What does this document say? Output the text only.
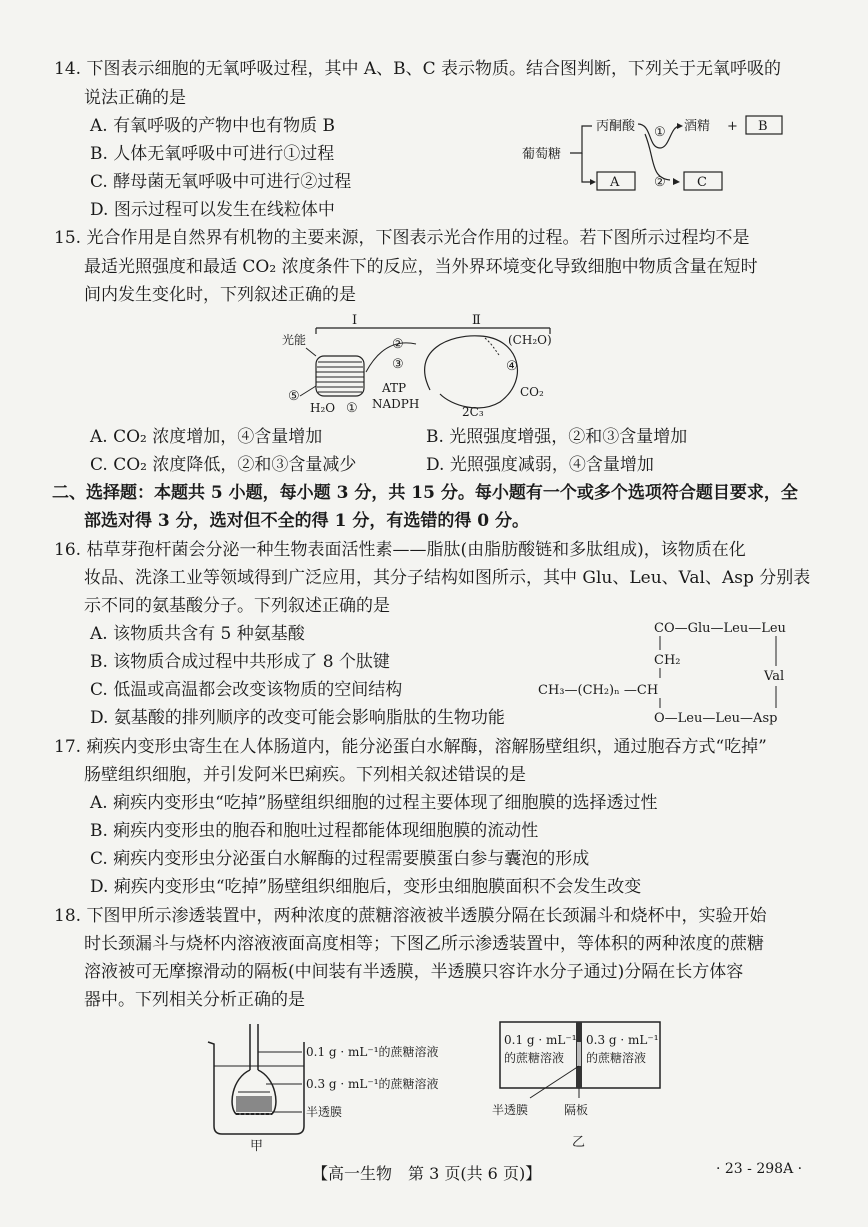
14. 下图表示细胞的无氧呼吸过程，其中 A、B、C 表示物质。结合图判断，下列关于无氧呼吸的
说法正确的是
A. 有氧呼吸的产物中也有物质 B
B. 人体无氧呼吸中可进行①过程
C. 酵母菌无氧呼吸中可进行②过程
D. 图示过程可以发生在线粒体中
葡萄糖
丙酮酸 ①
②
酒精 + B
A	C
15. 光合作用是自然界有机物的主要来源，下图表示光合作用的过程。若下图所示过程均不是
最适光照强度和最适 CO₂ 浓度条件下的反应，当外界环境变化导致细胞中物质含量在短时
间内发生变化时，下列叙述正确的是
Ⅰ	Ⅱ
光能
⑤
H₂O ①
②
③
ATP
NADPH
(CH₂O)
④
CO₂
2C₃
A. CO₂ 浓度增加，④含量增加	B. 光照强度增强，②和③含量增加
C. CO₂ 浓度降低，②和③含量减少	D. 光照强度减弱，④含量增加
二、选择题：本题共 5 小题，每小题 3 分，共 15 分。每小题有一个或多个选项符合题目要求，全
部选对得 3 分，选对但不全的得 1 分，有选错的得 0 分。
16. 枯草芽孢杆菌会分泌一种生物表面活性素——脂肽(由脂肪酸链和多肽组成)，该物质在化
妆品、洗涤工业等领域得到广泛应用，其分子结构如图所示，其中 Glu、Leu、Val、Asp 分别表
示不同的氨基酸分子。下列叙述正确的是
A. 该物质共含有 5 种氨基酸
B. 该物质合成过程中共形成了 8 个肽键
C. 低温或高温都会改变该物质的空间结构
D. 氨基酸的排列顺序的改变可能会影响脂肽的生物功能
CO—Glu—Leu—Leu
CH₂
Val
CH₃—(CH₂)ₙ —CH
O—Leu—Leu—Asp
17. 痢疾内变形虫寄生在人体肠道内，能分泌蛋白水解酶，溶解肠壁组织，通过胞吞方式“吃掉”
肠壁组织细胞，并引发阿米巴痢疾。下列相关叙述错误的是
A. 痢疾内变形虫“吃掉”肠壁组织细胞的过程主要体现了细胞膜的选择透过性
B. 痢疾内变形虫的胞吞和胞吐过程都能体现细胞膜的流动性
C. 痢疾内变形虫分泌蛋白水解酶的过程需要膜蛋白参与囊泡的形成
D. 痢疾内变形虫“吃掉”肠壁组织细胞后，变形虫细胞膜面积不会发生改变
18. 下图甲所示渗透装置中，两种浓度的蔗糖溶液被半透膜分隔在长颈漏斗和烧杯中，实验开始
时长颈漏斗与烧杯内溶液液面高度相等；下图乙所示渗透装置中，等体积的两种浓度的蔗糖
溶液被可无摩擦滑动的隔板(中间装有半透膜，半透膜只容许水分子通过)分隔在长方体容
器中。下列相关分析正确的是
0.1 g · mL⁻¹的蔗糖溶液
0.3 g · mL⁻¹的蔗糖溶液
半透膜
甲
0.1 g · mL⁻¹
的蔗糖溶液
0.3 g · mL⁻¹
的蔗糖溶液
半透膜	隔板
乙
【高一生物　第 3 页(共 6 页)】	· 23 - 298A ·
